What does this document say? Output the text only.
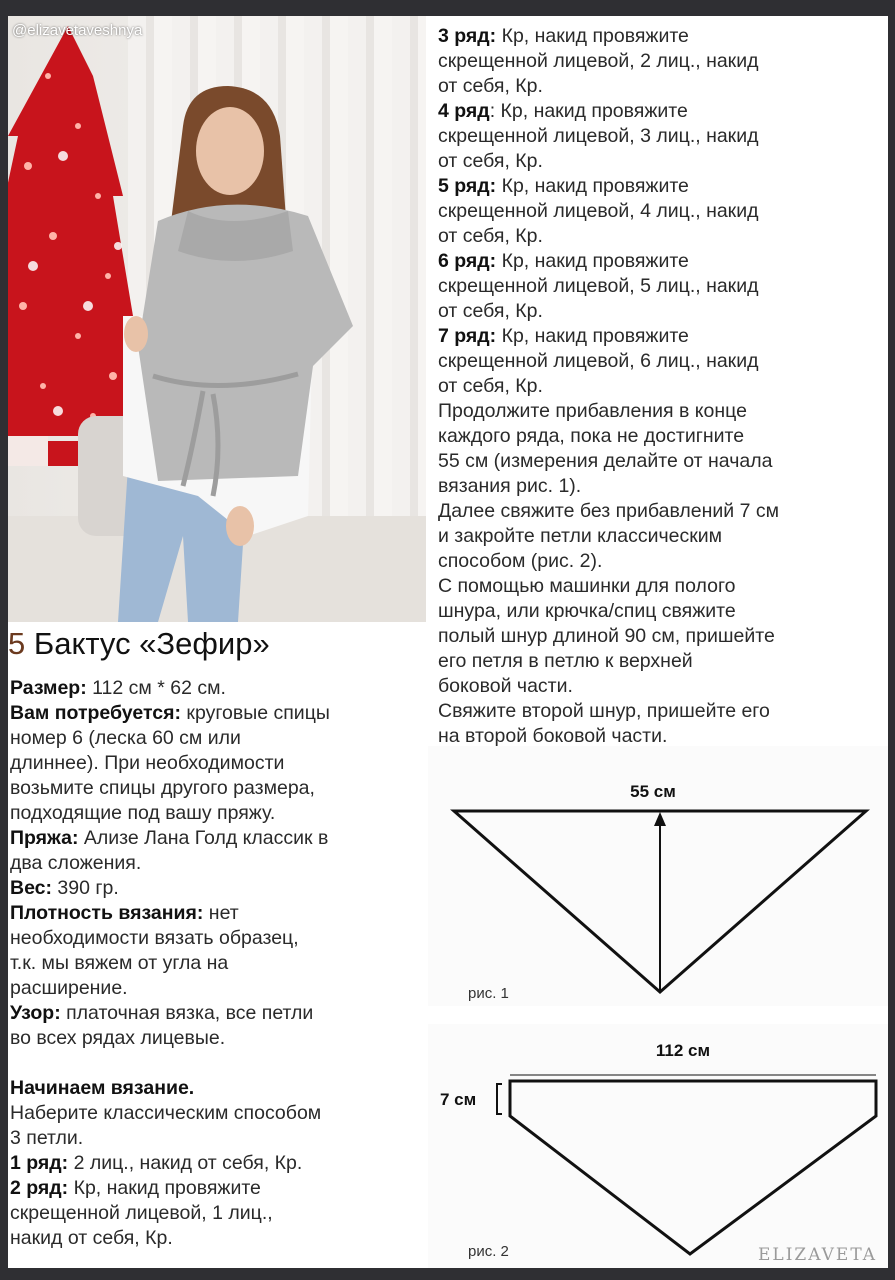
@elizavetaveshnya
5 Бактус «Зефир»

Размер: 112 см * 62 см.

Вам потребуется: круговые спицы

номер 6 (леска 60 см или

длиннее). При необходимости

возьмите спицы другого размера,

подходящие под вашу пряжу.

Пряжа: Ализе Лана Голд классик в

два сложения.

Вес: 390 гр.

Плотность вязания: нет

необходимости вязать образец,

т.к. мы вяжем от угла на

расширение.

Узор: платочная вязка, все петли

во всех рядах лицевые.

Начинаем вязание.

Наберите классическим способом

3 петли.

1 ряд: 2 лиц., накид от себя, Кр.

2 ряд: Кр, накид провяжите

скрещенной лицевой, 1 лиц.,

накид от себя, Кр.

3 ряд: Кр, накид провяжите

скрещенной лицевой, 2 лиц., накид

от себя, Кр.

4 ряд: Кр, накид провяжите

скрещенной лицевой, 3 лиц., накид

от себя, Кр.

5 ряд: Кр, накид провяжите

скрещенной лицевой, 4 лиц., накид

от себя, Кр.

6 ряд: Кр, накид провяжите

скрещенной лицевой, 5 лиц., накид

от себя, Кр.

7 ряд: Кр, накид провяжите

скрещенной лицевой, 6 лиц., накид

от себя, Кр.

Продолжите прибавления в конце

каждого ряда, пока не достигните

55 см (измерения делайте от начала

вязания рис. 1).

Далее свяжите без прибавлений 7 см

и закройте петли классическим

способом (рис. 2).

С помощью машинки для полого

шнура, или крючка/спиц свяжите

полый шнур длиной 90 см, пришейте

его петля в петлю к верхней

боковой части.

Свяжите второй шнур, пришейте его

на второй боковой части.

55 см
рис. 1
112 см
7 см
рис. 2	ELIZAVETA
